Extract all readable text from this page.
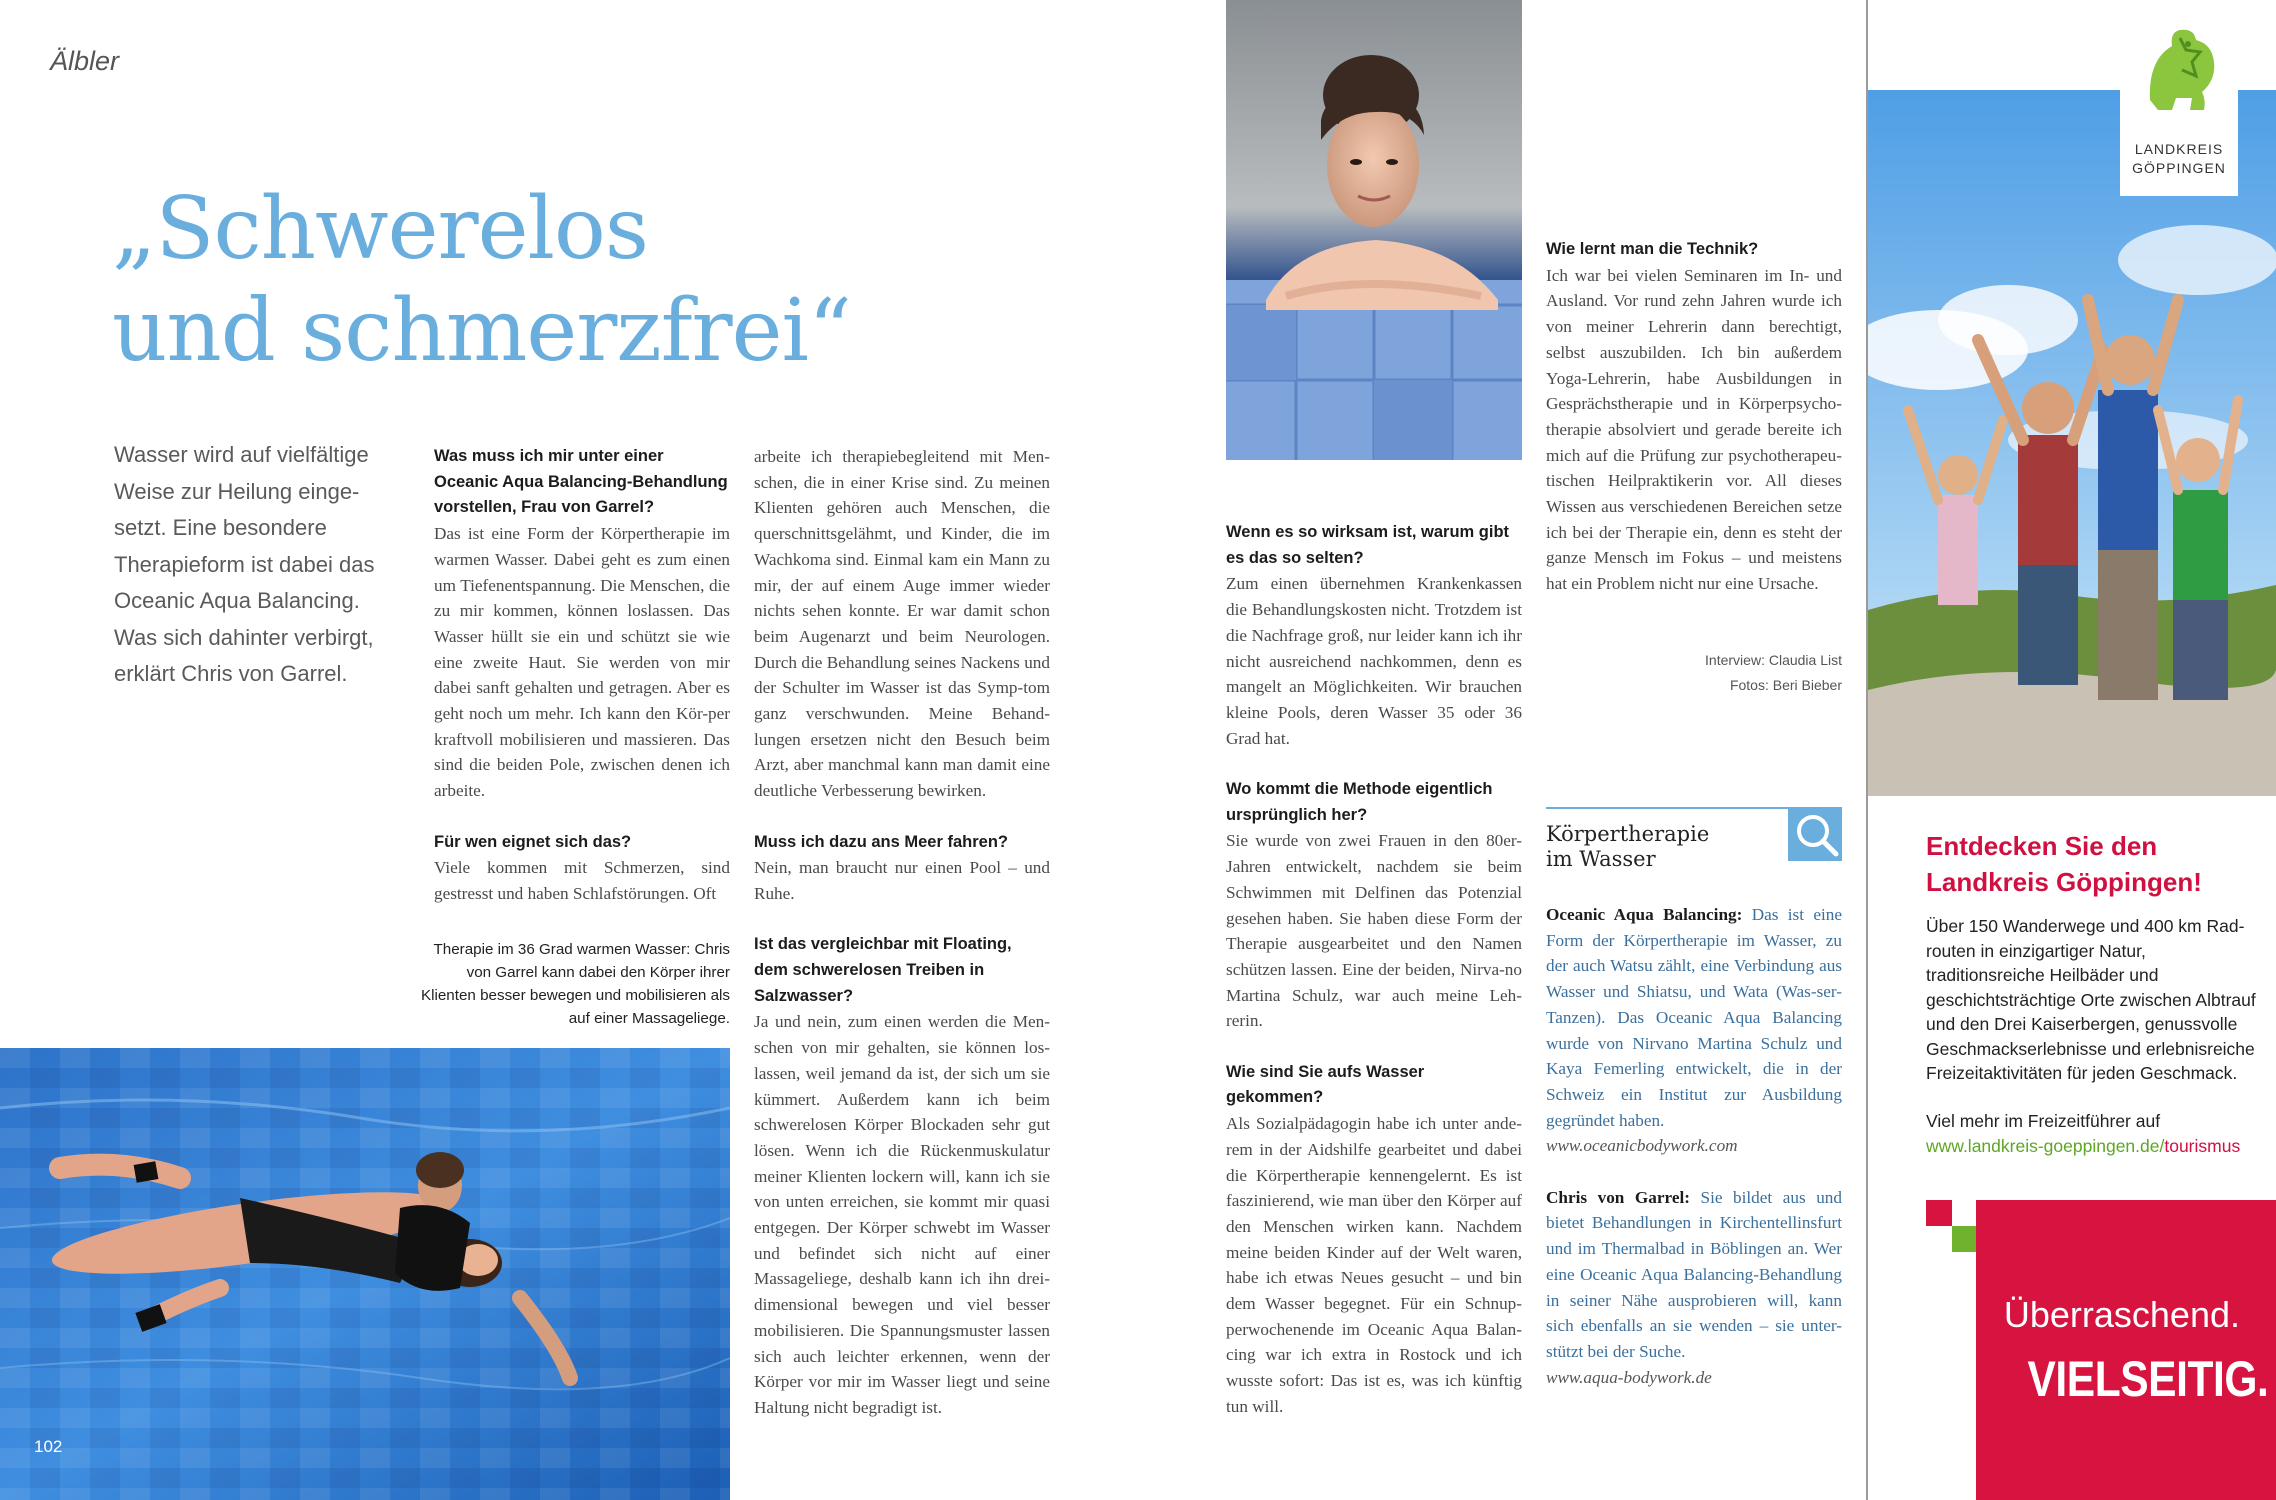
Älbler
„Schwerelos
und schmerzfrei“
Wasser wird auf vielfältige Weise zur Heilung einge-setzt. Eine besondere Therapieform ist dabei das Oceanic Aqua Balancing. Was sich dahinter verbirgt, erklärt Chris von Garrel.

Was muss ich mir unter einer Oceanic Aqua Balancing-Behandlung vorstellen, Frau von Garrel?
Das ist eine Form der Körpertherapie im warmen Wasser. Dabei geht es zum einen um Tiefenentspannung. Die Menschen, die zu mir kommen, können loslassen. Das Wasser hüllt sie ein und schützt sie wie eine zweite Haut. Sie werden von mir dabei sanft gehalten und getragen. Aber es geht noch um mehr. Ich kann den Kör-per kraftvoll mobilisieren und massieren. Das sind die beiden Pole, zwischen denen ich arbeite.

Für wen eignet sich das?
Viele kommen mit Schmerzen, sind gestresst und haben Schlafstörungen. Oft

Therapie im 36 Grad warmen Wasser: Chris von Garrel kann dabei den Körper ihrer Klienten besser bewegen und mobilisieren als auf einer Massageliege.

arbeite ich therapiebegleitend mit Men-schen, die in einer Krise sind. Zu meinen Klienten gehören auch Menschen, die querschnittsgelähmt, und Kinder, die im Wachkoma sind. Einmal kam ein Mann zu mir, der auf einem Auge immer wieder nichts sehen konnte. Er war damit schon beim Augenarzt und beim Neurologen. Durch die Behandlung seines Nackens und der Schulter im Wasser ist das Symp-tom ganz verschwunden. Meine Behand-lungen ersetzen nicht den Besuch beim Arzt, aber manchmal kann man damit eine deutliche Verbesserung bewirken.

Muss ich dazu ans Meer fahren?
Nein, man braucht nur einen Pool – und Ruhe.

Ist das vergleichbar mit Floating, dem schwerelosen Treiben in Salzwasser?
Ja und nein, zum einen werden die Men-schen von mir gehalten, sie können los-lassen, weil jemand da ist, der sich um sie kümmert. Außerdem kann ich beim schwerelosen Körper Blockaden sehr gut lösen. Wenn ich die Rückenmuskulatur meiner Klienten lockern will, kann ich sie von unten erreichen, sie kommt mir quasi entgegen. Der Körper schwebt im Wasser und befindet sich nicht auf einer Massageliege, deshalb kann ich ihn drei-dimensional bewegen und viel besser mobilisieren. Die Spannungsmuster lassen sich auch leichter erkennen, wenn der Körper vor mir im Wasser liegt und seine Haltung nicht begradigt ist.

Wenn es so wirksam ist, warum gibt es das so selten?
Zum einen übernehmen Krankenkassen die Behandlungskosten nicht. Trotzdem ist die Nachfrage groß, nur leider kann ich ihr nicht ausreichend nachkommen, denn es mangelt an Möglichkeiten. Wir brauchen kleine Pools, deren Wasser 35 oder 36 Grad hat.

Wo kommt die Methode eigentlich ursprünglich her?
Sie wurde von zwei Frauen in den 80er-Jahren entwickelt, nachdem sie beim Schwimmen mit Delfinen das Potenzial gesehen haben. Sie haben diese Form der Therapie ausgearbeitet und den Namen schützen lassen. Eine der beiden, Nirva-no Martina Schulz, war auch meine Leh-rerin.

Wie sind Sie aufs Wasser gekommen?
Als Sozialpädagogin habe ich unter ande-rem in der Aidshilfe gearbeitet und dabei die Körpertherapie kennengelernt. Es ist faszinierend, wie man über den Körper auf den Menschen wirken kann. Nachdem meine beiden Kinder auf der Welt waren, habe ich etwas Neues gesucht – und bin dem Wasser begegnet. Für ein Schnup-perwochenende im Oceanic Aqua Balan-cing war ich extra in Rostock und ich wusste sofort: Das ist es, was ich künftig tun will.

Wie lernt man die Technik?
Ich war bei vielen Seminaren im In- und Ausland. Vor rund zehn Jahren wurde ich von meiner Lehrerin dann berechtigt, selbst auszubilden. Ich bin außerdem Yoga-Lehrerin, habe Ausbildungen in Gesprächstherapie und in Körperpsycho-therapie absolviert und gerade bereite ich mich auf die Prüfung zur psychotherapeu-tischen Heilpraktikerin vor. All dieses Wissen aus verschiedenen Bereichen setze ich bei der Therapie ein, denn es steht der ganze Mensch im Fokus – und meistens hat ein Problem nicht nur eine Ursache.

Interview: Claudia List
Fotos: Beri Bieber
Körpertherapie
im Wasser

Oceanic Aqua Balancing: Das ist eine Form der Körpertherapie im Wasser, zu der auch Watsu zählt, eine Verbindung aus Wasser und Shiatsu, und Wata (Was-ser-Tanzen). Das Oceanic Aqua Balancing wurde von Nirvano Martina Schulz und Kaya Femerling entwickelt, die in der Schweiz ein Institut zur Ausbildung gegründet haben.
www.oceanicbodywork.com

Chris von Garrel: Sie bildet aus und bietet Behandlungen in Kirchentellinsfurt und im Thermalbad in Böblingen an. Wer eine Oceanic Aqua Balancing-Behandlung in seiner Nähe ausprobieren will, kann sich ebenfalls an sie wenden – sie unter-stützt bei der Suche.
www.aqua-bodywork.de

102
LANDKREIS
GÖPPINGEN
Entdecken Sie den
Landkreis Göppingen!
Über 150 Wanderwege und 400 km Rad-routen in einzigartiger Natur, traditionsreiche Heilbäder und geschichtsträchtige Orte zwischen Albtrauf und den Drei Kaiserbergen, genussvolle Geschmackserlebnisse und erlebnisreiche Freizeitaktivitäten für jeden Geschmack.
Viel mehr im Freizeitführer auf
www.landkreis-goeppingen.de/tourismus
Überraschend.
VIELSEITIG.
